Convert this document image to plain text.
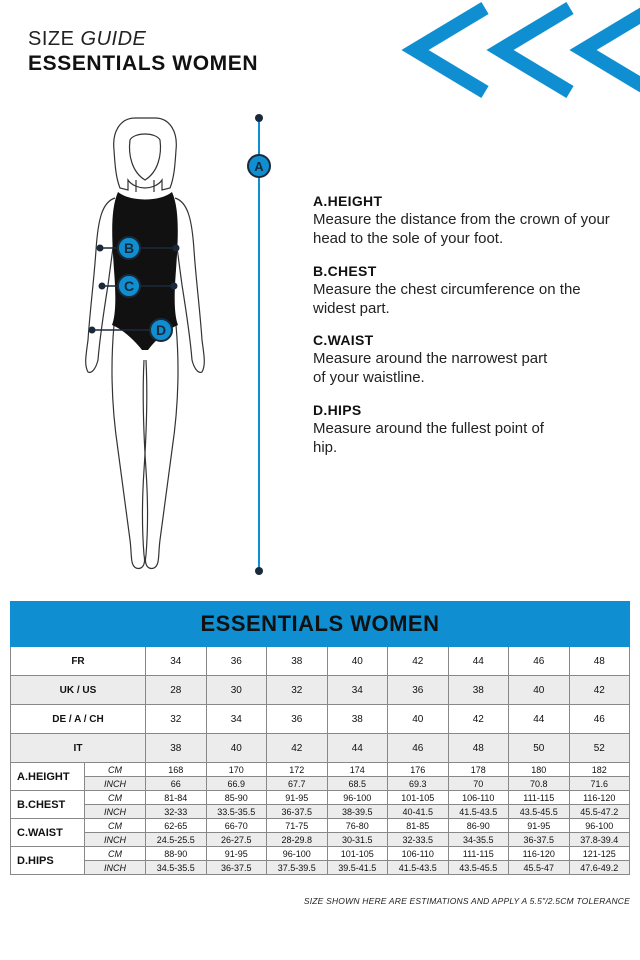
SIZE GUIDE
ESSENTIALS WOMEN
A
B
C
D
A.HEIGHT

Measure the distance from the crown of your head to the sole of your foot.

B.CHEST

Measure the chest circumference on the widest part.

C.WAIST

Measure around the narrowest part of your waistline.

D.HIPS

Measure around the fullest point of hip.

ESSENTIALS WOMEN									
FR		34	36	38	40	42	44	46	48
UK / US		28	30	32	34	36	38	40	42
DE / A / CH		32	34	36	38	40	42	44	46
IT		38	40	42	44	46	48	50	52
A.HEIGHT	CM	168	170	172	174	176	178	180	182
	INCH	66	66.9	67.7	68.5	69.3	70	70.8	71.6
B.CHEST	CM	81-84	85-90	91-95	96-100	101-105	106-110	111-115	116-120
	INCH	32-33	33.5-35.5	36-37.5	38-39.5	40-41.5	41.5-43.5	43.5-45.5	45.5-47.2
C.WAIST	CM	62-65	66-70	71-75	76-80	81-85	86-90	91-95	96-100
	INCH	24.5-25.5	26-27.5	28-29.8	30-31.5	32-33.5	34-35.5	36-37.5	37.8-39.4
D.HIPS	CM	88-90	91-95	96-100	101-105	106-110	111-115	116-120	121-125
	INCH	34.5-35.5	36-37.5	37.5-39.5	39.5-41.5	41.5-43.5	43.5-45.5	45.5-47	47.6-49.2
SIZE SHOWN HERE ARE ESTIMATIONS AND APPLY A 5.5"/2.5CM TOLERANCE
